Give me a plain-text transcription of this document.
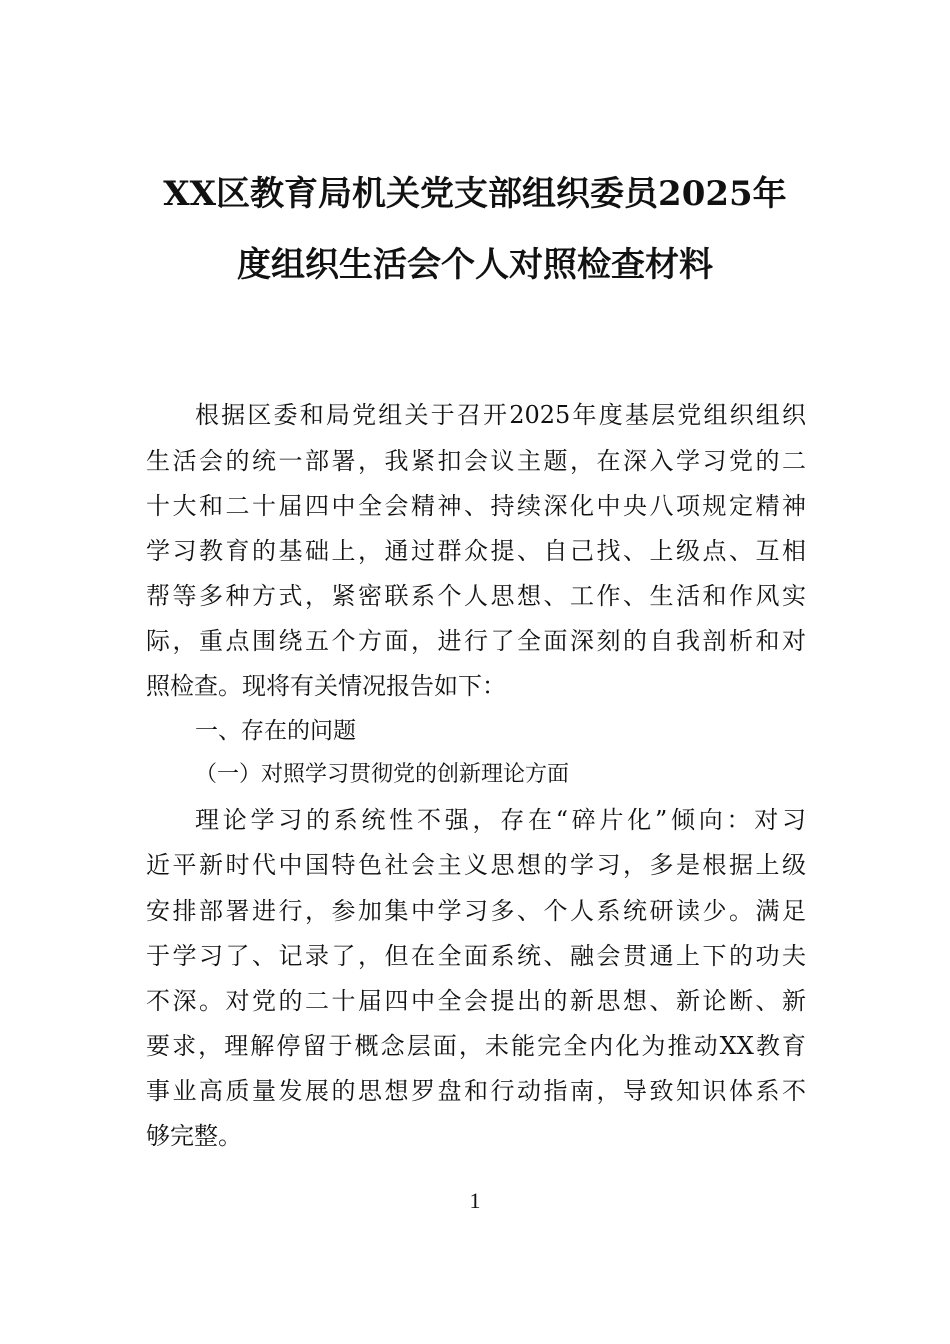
XX区教育局机关党支部组织委员2025年
度组织生活会个人对照检查材料
根据区委和局党组关于召开2025年度基层党组织组织
生活会的统一部署，我紧扣会议主题，在深入学习党的二
十大和二十届四中全会精神、持续深化中央八项规定精神
学习教育的基础上，通过群众提、自己找、上级点、互相
帮等多种方式，紧密联系个人思想、工作、生活和作风实
际，重点围绕五个方面，进行了全面深刻的自我剖析和对
照检查。现将有关情况报告如下：
一、存在的问题
（一）对照学习贯彻党的创新理论方面
理论学习的系统性不强，存在“碎片化”倾向：对习
近平新时代中国特色社会主义思想的学习，多是根据上级
安排部署进行，参加集中学习多、个人系统研读少。满足
于学习了、记录了，但在全面系统、融会贯通上下的功夫
不深。对党的二十届四中全会提出的新思想、新论断、新
要求，理解停留于概念层面，未能完全内化为推动XX教育
事业高质量发展的思想罗盘和行动指南，导致知识体系不
够完整。
1
